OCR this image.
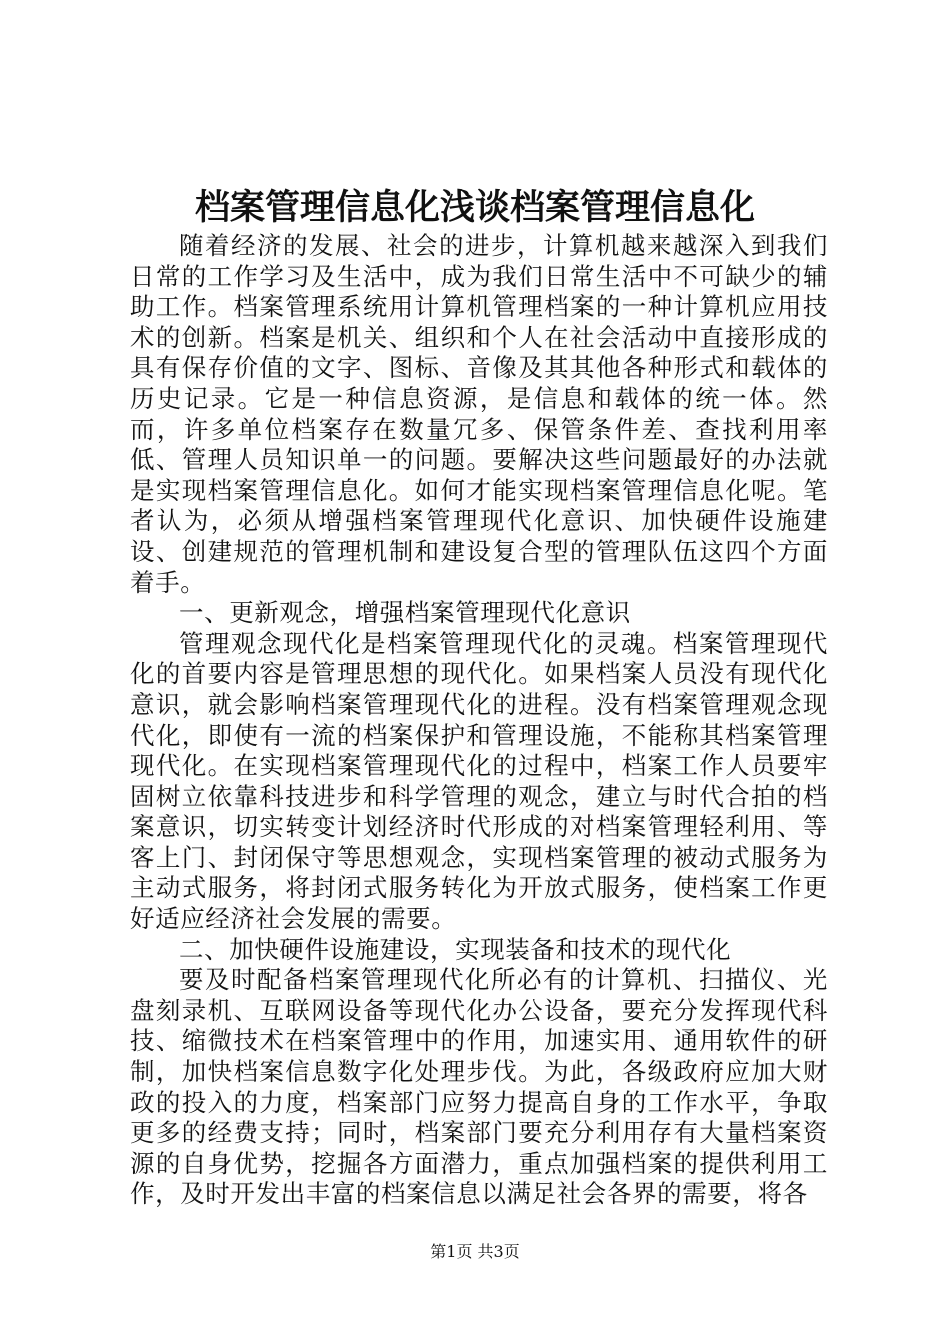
档案管理信息化浅谈档案管理信息化

随着经济的发展、社会的进步，计算机越来越深入到我们日常的工作学习及生活中，成为我们日常生活中不可缺少的辅助工作。档案管理系统用计算机管理档案的一种计算机应用技术的创新。档案是机关、组织和个人在社会活动中直接形成的具有保存价值的文字、图标、音像及其其他各种形式和载体的历史记录。它是一种信息资源，是信息和载体的统一体。然而，许多单位档案存在数量冗多、保管条件差、查找利用率低、管理人员知识单一的问题。要解决这些问题最好的办法就是实现档案管理信息化。如何才能实现档案管理信息化呢。笔者认为，必须从增强档案管理现代化意识、加快硬件设施建设、创建规范的管理机制和建设复合型的管理队伍这四个方面着手。

一、更新观念，增强档案管理现代化意识

管理观念现代化是档案管理现代化的灵魂。档案管理现代化的首要内容是管理思想的现代化。如果档案人员没有现代化意识，就会影响档案管理现代化的进程。没有档案管理观念现代化，即使有一流的档案保护和管理设施，不能称其档案管理现代化。在实现档案管理现代化的过程中，档案工作人员要牢固树立依靠科技进步和科学管理的观念，建立与时代合拍的档案意识，切实转变计划经济时代形成的对档案管理轻利用、等客上门、封闭保守等思想观念，实现档案管理的被动式服务为主动式服务，将封闭式服务转化为开放式服务，使档案工作更好适应经济社会发展的需要。

二、加快硬件设施建设，实现装备和技术的现代化

要及时配备档案管理现代化所必有的计算机、扫描仪、光盘刻录机、互联网设备等现代化办公设备，要充分发挥现代科技、缩微技术在档案管理中的作用，加速实用、通用软件的研制，加快档案信息数字化处理步伐。为此，各级政府应加大财政的投入的力度，档案部门应努力提高自身的工作水平，争取更多的经费支持；同时，档案部门要充分利用存有大量档案资源的自身优势，挖掘各方面潜力，重点加强档案的提供利用工作，及时开发出丰富的档案信息以满足社会各界的需要，将各

第1页 共3页
